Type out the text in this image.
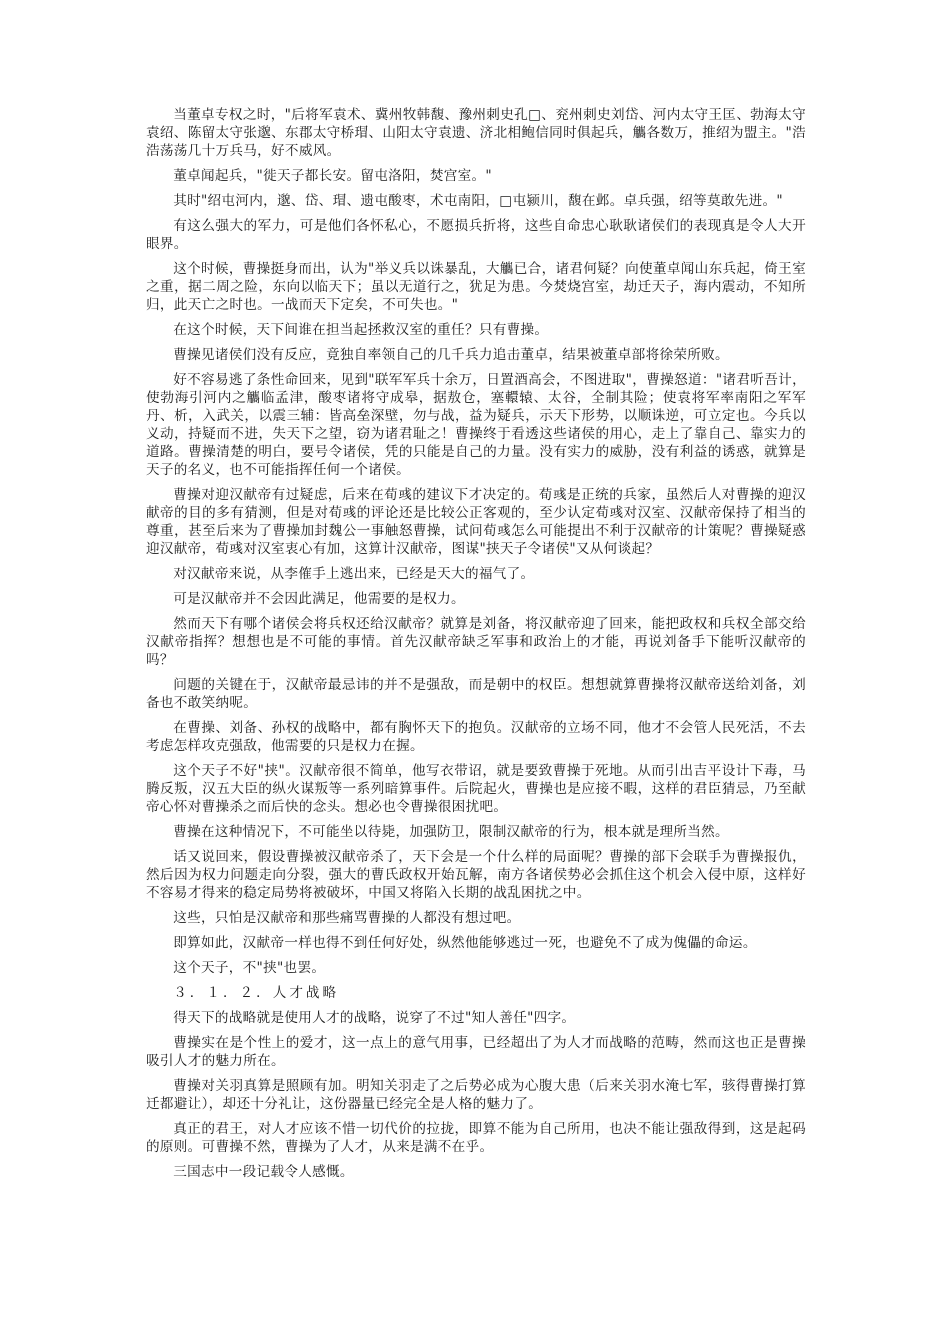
当董卓专权之时，"后将军袁术、冀州牧韩馥、豫州刺史孔□、兖州刺史刘岱、河内太守王匡、勃海太守袁绍、陈留太守张邈、东郡太守桥瑁、山阳太守袁遗、济北相鲍信同时俱起兵，觿各数万，推绍为盟主。"浩浩荡荡几十万兵马，好不威风。

董卓闻起兵，"徙天子都长安。留屯洛阳，焚宫室。"

其时"绍屯河内，邈、岱、瑁、遗屯酸枣，术屯南阳，□屯颍川，馥在邺。卓兵强，绍等莫敢先进。"

有这么强大的军力，可是他们各怀私心，不愿损兵折将，这些自命忠心耿耿诸侯们的表现真是令人大开眼界。

这个时候，曹操挺身而出，认为"举义兵以诛暴乱，大觿已合，诸君何疑？向使董卓闻山东兵起，倚王室之重，据二周之险，东向以临天下；虽以无道行之，犹足为患。今焚烧宫室，劫迁天子，海内震动，不知所归，此天亡之时也。一战而天下定矣，不可失也。"

在这个时候，天下间谁在担当起拯救汉室的重任？只有曹操。

曹操见诸侯们没有反应，竟独自率领自己的几千兵力追击董卓，结果被董卓部将徐荣所败。

好不容易逃了条性命回来，见到"联军军兵十余万，日置酒高会，不图进取"，曹操怒道："诸君听吾计，使勃海引河内之觿临孟津，酸枣诸将守成皋，据敖仓，塞轘辕、太谷，全制其险；使袁将军率南阳之军军丹、析，入武关，以震三辅：皆高垒深壁，勿与战，益为疑兵，示天下形势，以顺诛逆，可立定也。今兵以义动，持疑而不进，失天下之望，窃为诸君耻之！曹操终于看透这些诸侯的用心，走上了靠自己、靠实力的道路。曹操清楚的明白，要号令诸侯，凭的只能是自己的力量。没有实力的威胁，没有利益的诱惑，就算是天子的名义，也不可能指挥任何一个诸侯。

曹操对迎汉献帝有过疑虑，后来在荀彧的建议下才决定的。荀彧是正统的兵家，虽然后人对曹操的迎汉献帝的目的多有猜测，但是对荀彧的评论还是比较公正客观的，至少认定荀彧对汉室、汉献帝保持了相当的尊重，甚至后来为了曹操加封魏公一事触怒曹操，试问荀彧怎么可能提出不利于汉献帝的计策呢？曹操疑惑迎汉献帝，荀彧对汉室衷心有加，这算计汉献帝，图谋"挟天子令诸侯"又从何谈起？

对汉献帝来说，从李傕手上逃出来，已经是天大的福气了。

可是汉献帝并不会因此满足，他需要的是权力。

然而天下有哪个诸侯会将兵权还给汉献帝？就算是刘备，将汉献帝迎了回来，能把政权和兵权全部交给汉献帝指挥？想想也是不可能的事情。首先汉献帝缺乏军事和政治上的才能，再说刘备手下能听汉献帝的吗？

问题的关键在于，汉献帝最忌讳的并不是强敌，而是朝中的权臣。想想就算曹操将汉献帝送给刘备，刘备也不敢笑纳呢。

在曹操、刘备、孙权的战略中，都有胸怀天下的抱负。汉献帝的立场不同，他才不会管人民死活，不去考虑怎样攻克强敌，他需要的只是权力在握。

这个天子不好"挟"。汉献帝很不简单，他写衣带诏，就是要致曹操于死地。从而引出吉平设计下毒，马腾反叛，汉五大臣的纵火谋叛等一系列暗算事件。后院起火，曹操也是应接不暇，这样的君臣猜忌，乃至献帝心怀对曹操杀之而后快的念头。想必也令曹操很困扰吧。

曹操在这种情况下，不可能坐以待毙，加强防卫，限制汉献帝的行为，根本就是理所当然。

话又说回来，假设曹操被汉献帝杀了，天下会是一个什么样的局面呢？曹操的部下会联手为曹操报仇，然后因为权力问题走向分裂，强大的曹氏政权开始瓦解，南方各诸侯势必会抓住这个机会入侵中原，这样好不容易才得来的稳定局势将被破坏，中国又将陷入长期的战乱困扰之中。

这些，只怕是汉献帝和那些痛骂曹操的人都没有想过吧。

即算如此，汉献帝一样也得不到任何好处，纵然他能够逃过一死，也避免不了成为傀儡的命运。

这个天子，不"挟"也罢。

３．１．２．人才战略

得天下的战略就是使用人才的战略，说穿了不过"知人善任"四字。

曹操实在是个性上的爱才，这一点上的意气用事，已经超出了为人才而战略的范畴，然而这也正是曹操吸引人才的魅力所在。

曹操对关羽真算是照顾有加。明知关羽走了之后势必成为心腹大患（后来关羽水淹七军，骇得曹操打算迁都避让），却还十分礼让，这份器量已经完全是人格的魅力了。

真正的君王，对人才应该不惜一切代价的拉拢，即算不能为自己所用，也决不能让强敌得到，这是起码的原则。可曹操不然，曹操为了人才，从来是满不在乎。

三国志中一段记载令人感慨。
